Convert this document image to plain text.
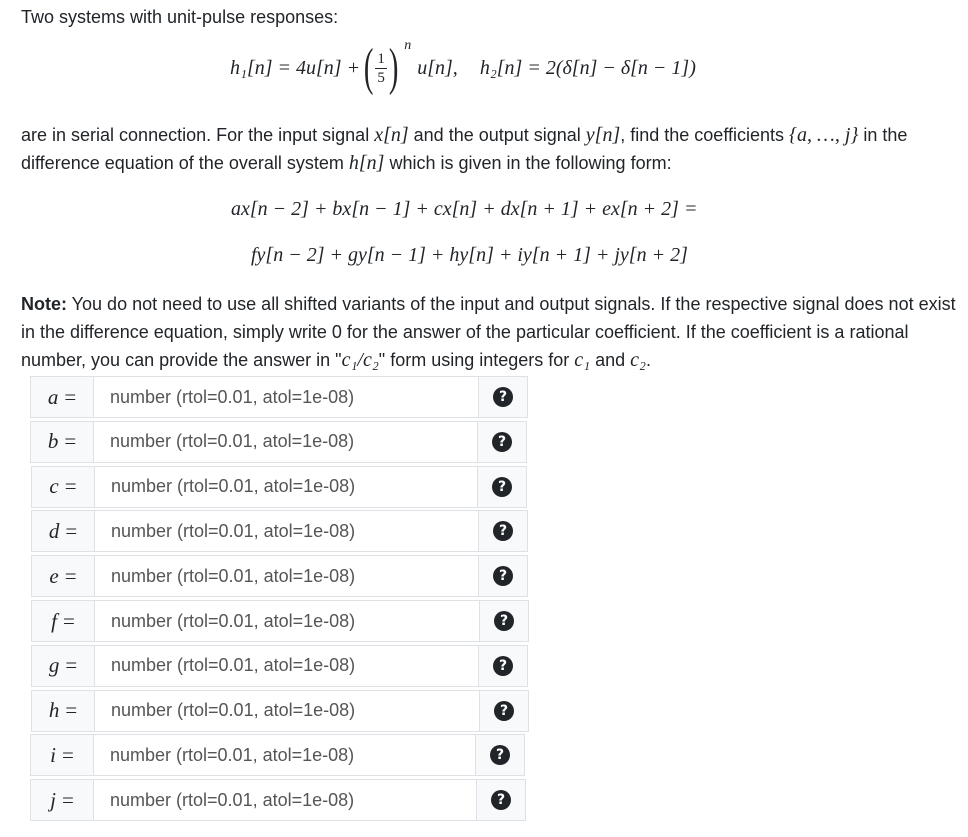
Two systems with unit-pulse responses:
h₁[n] = 4u[n] + ( $\frac{1}{5}$ ) n
u[n], h₂[n] = 2(δ[n] − δ[n − 1])
are in serial connection. For the input signal x[n] and the output signal y[n], find the coefficients {a, …, j} in the difference equation of the overall system h[n] which is given in the following form:
ax[n − 2] + bx[n − 1] + cx[n] + dx[n + 1] + ex[n + 2] =
fy[n − 2] + gy[n − 1] + hy[n] + iy[n + 1] + jy[n + 2]
Note: You do not need to use all shifted variants of the input and output signals. If the respective signal does not exist in the difference equation, simply write 0 for the answer of the particular coefficient. If the coefficient is a rational number, you can provide the answer in "c₁/c₂" form using integers for c₁ and c₂.
a =
number (rtol=0.01, atol=1e-08)	?
b =
number (rtol=0.01, atol=1e-08)	?
c =
number (rtol=0.01, atol=1e-08)	?
d =
number (rtol=0.01, atol=1e-08)	?
e =
number (rtol=0.01, atol=1e-08)	?
f =
number (rtol=0.01, atol=1e-08)	?
g =
number (rtol=0.01, atol=1e-08)	?
h =
number (rtol=0.01, atol=1e-08)	?
i =
number (rtol=0.01, atol=1e-08)	?
j =
number (rtol=0.01, atol=1e-08)	?
